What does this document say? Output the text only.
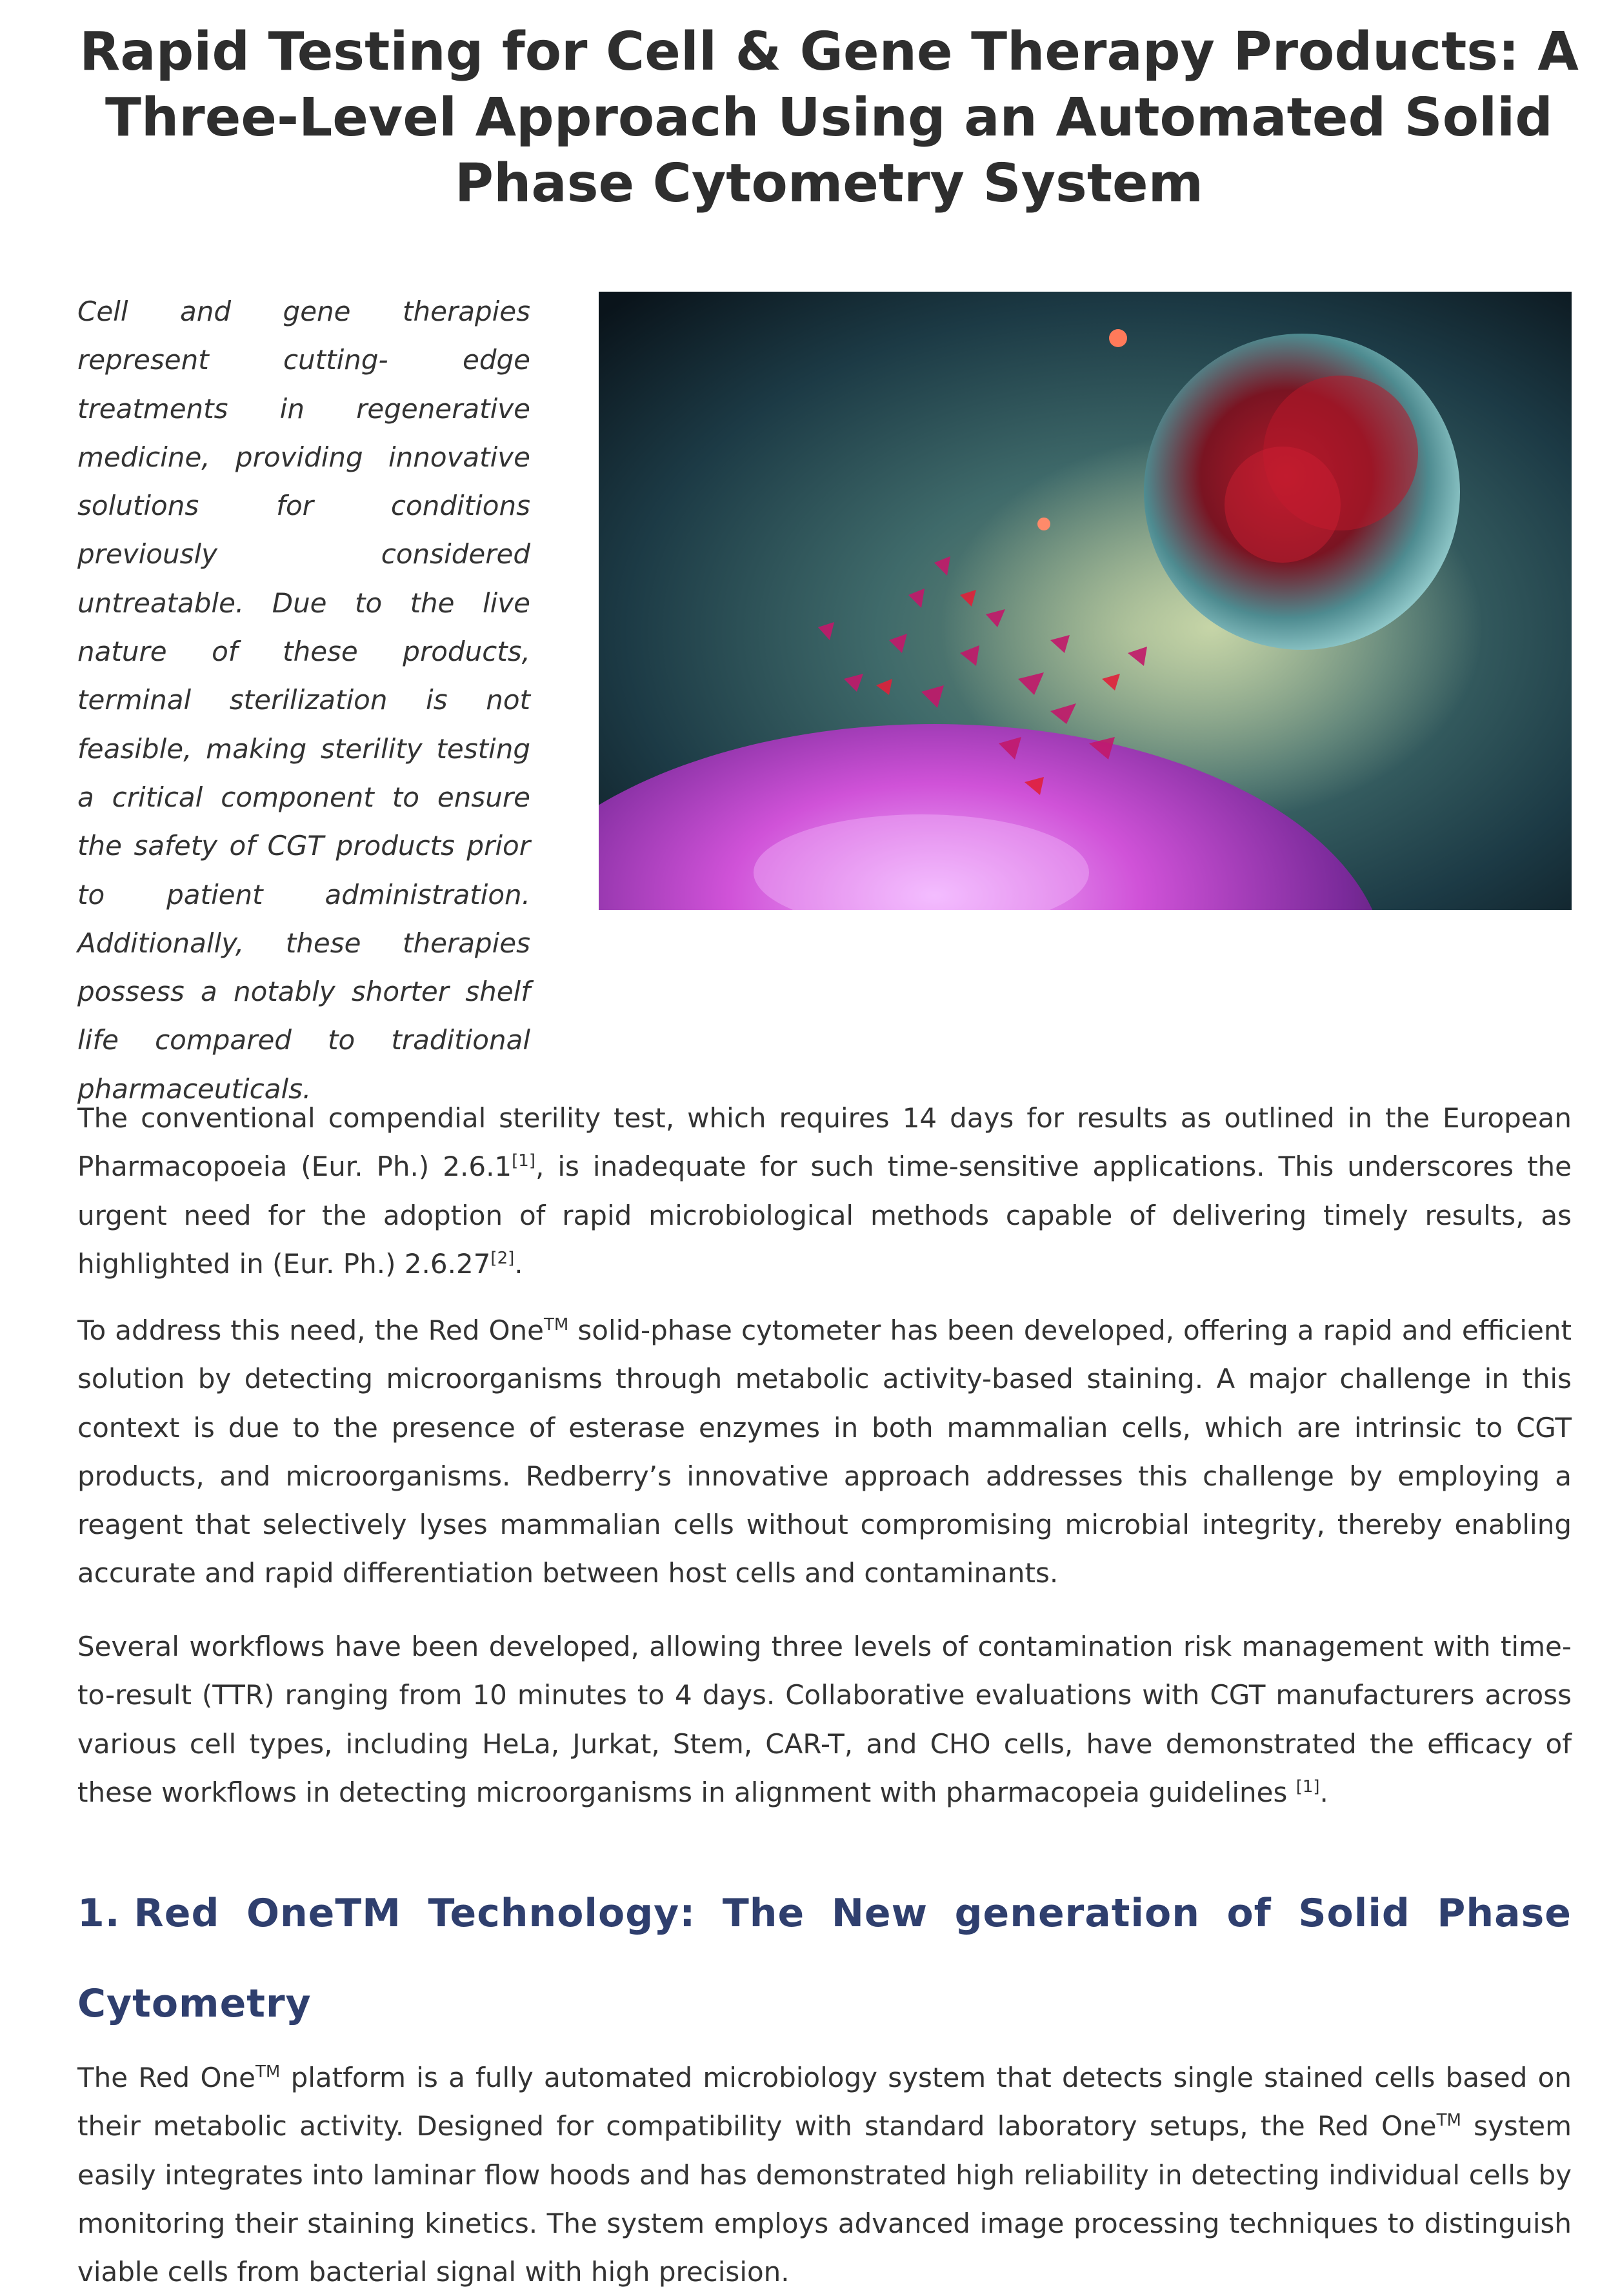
Rapid Testing for Cell & Gene Therapy Products: A Three-Level Approach Using an Automated Solid Phase Cytometry System

Cell and gene therapies represent cutting- edge treatments in regenerative medicine, providing innovative solutions for conditions previously considered untreatable. Due to the live nature of these products, terminal sterilization is not feasible, making sterility testing a critical component to ensure the safety of CGT products prior to patient administration. Additionally, these therapies possess a notably shorter shelf life compared to traditional pharmaceuticals.

The conventional compendial sterility test, which requires 14 days for results as outlined in the European Pharmacopoeia (Eur. Ph.) 2.6.1[1], is inadequate for such time-sensitive applications. This underscores the urgent need for the adoption of rapid microbiological methods capable of delivering timely results, as highlighted in (Eur. Ph.) 2.6.27[2].

To address this need, the Red One™ solid-phase cytometer has been developed, offering a rapid and efficient solution by detecting microorganisms through metabolic activity-based staining. A major challenge in this context is due to the presence of esterase enzymes in both mammalian cells, which are intrinsic to CGT products, and microorganisms. Redberry’s innovative approach addresses this challenge by employing a reagent that selectively lyses mammalian cells without compromising microbial integrity, thereby enabling accurate and rapid differentiation between host cells and contaminants.

Several workflows have been developed, allowing three levels of contamination risk management with time-to-result (TTR) ranging from 10 minutes to 4 days. Collaborative evaluations with CGT manufacturers across various cell types, including HeLa, Jurkat, Stem, CAR-T, and CHO cells, have demonstrated the efficacy of these workflows in detecting microorganisms in alignment with pharmacopeia guidelines [1].

1. Red OneTM Technology: The New generation of Solid Phase Cytometry

The Red One™ platform is a fully automated microbiology system that detects single stained cells based on their metabolic activity. Designed for compatibility with standard laboratory setups, the Red One™ system easily integrates into laminar flow hoods and has demonstrated high reliability in detecting individual cells by monitoring their staining kinetics. The system employs advanced image processing techniques to distinguish viable cells from bacterial signal with high precision.
